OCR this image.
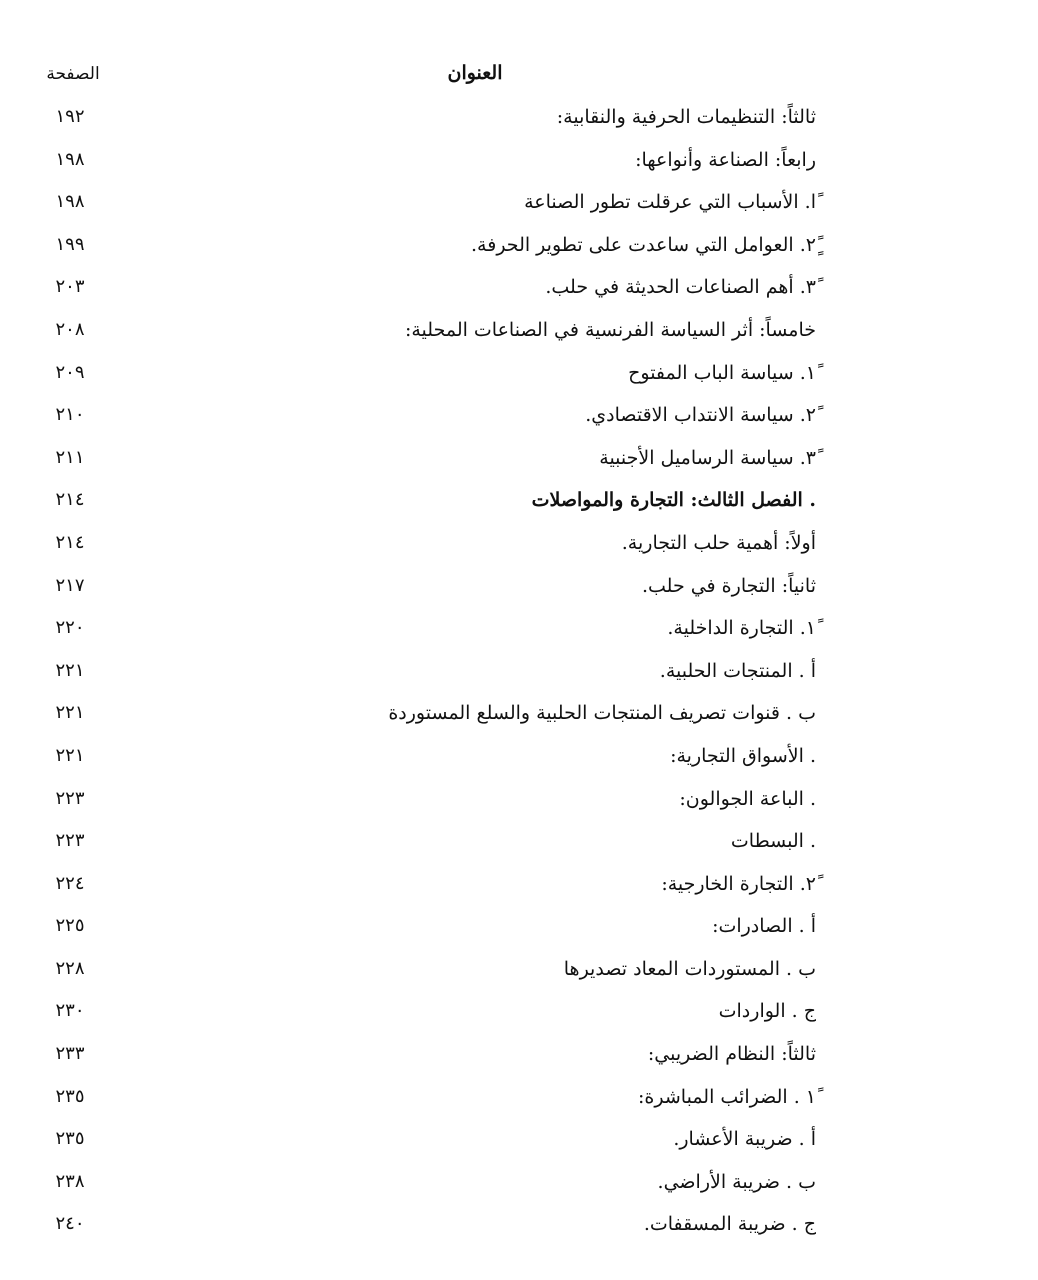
العنوان
الصفحة
ثالثاً: التنظيمات الحرفية والنقابية:
١٩٢
رابعاً: الصناعة وأنواعها:
١٩٨
ًا. الأسباب التي عرقلت تطور الصناعة
١٩٨
ًٍ٢. العوامل التي ساعدت على تطوير الحرفة.
١٩٩
ً٣. أهم الصناعات الحديثة في حلب.
٢٠٣
خامساً: أثر السياسة الفرنسية في الصناعات المحلية:
٢٠٨
ً١. سياسة الباب المفتوح
٢٠٩
ً٢. سياسة الانتداب الاقتصادي.
٢١٠
ً٣. سياسة الرساميل الأجنبية
٢١١
. الفصل الثالث: التجارة والمواصلات
٢١٤
أولاً: أهمية حلب التجارية.
٢١٤
ثانياً: التجارة في حلب.
٢١٧
ً١. التجارة الداخلية.
٢٢٠
أ . المنتجات الحلبية.
٢٢١
ب . قنوات تصريف المنتجات الحلبية والسلع المستوردة
٢٢١
. الأسواق التجارية:
٢٢١
. الباعة الجوالون:
٢٢٣
. البسطات
٢٢٣
ً٢. التجارة الخارجية:
٢٢٤
أ . الصادرات:
٢٢٥
ب . المستوردات المعاد تصديرها
٢٢٨
ج . الواردات
٢٣٠
ثالثاً: النظام الضريبي:
٢٣٣
ً١ . الضرائب المباشرة:
٢٣٥
أ . ضريبة الأعشار.
٢٣٥
ب . ضريبة الأراضي.
٢٣٨
ج . ضريبة المسقفات.
٢٤٠
